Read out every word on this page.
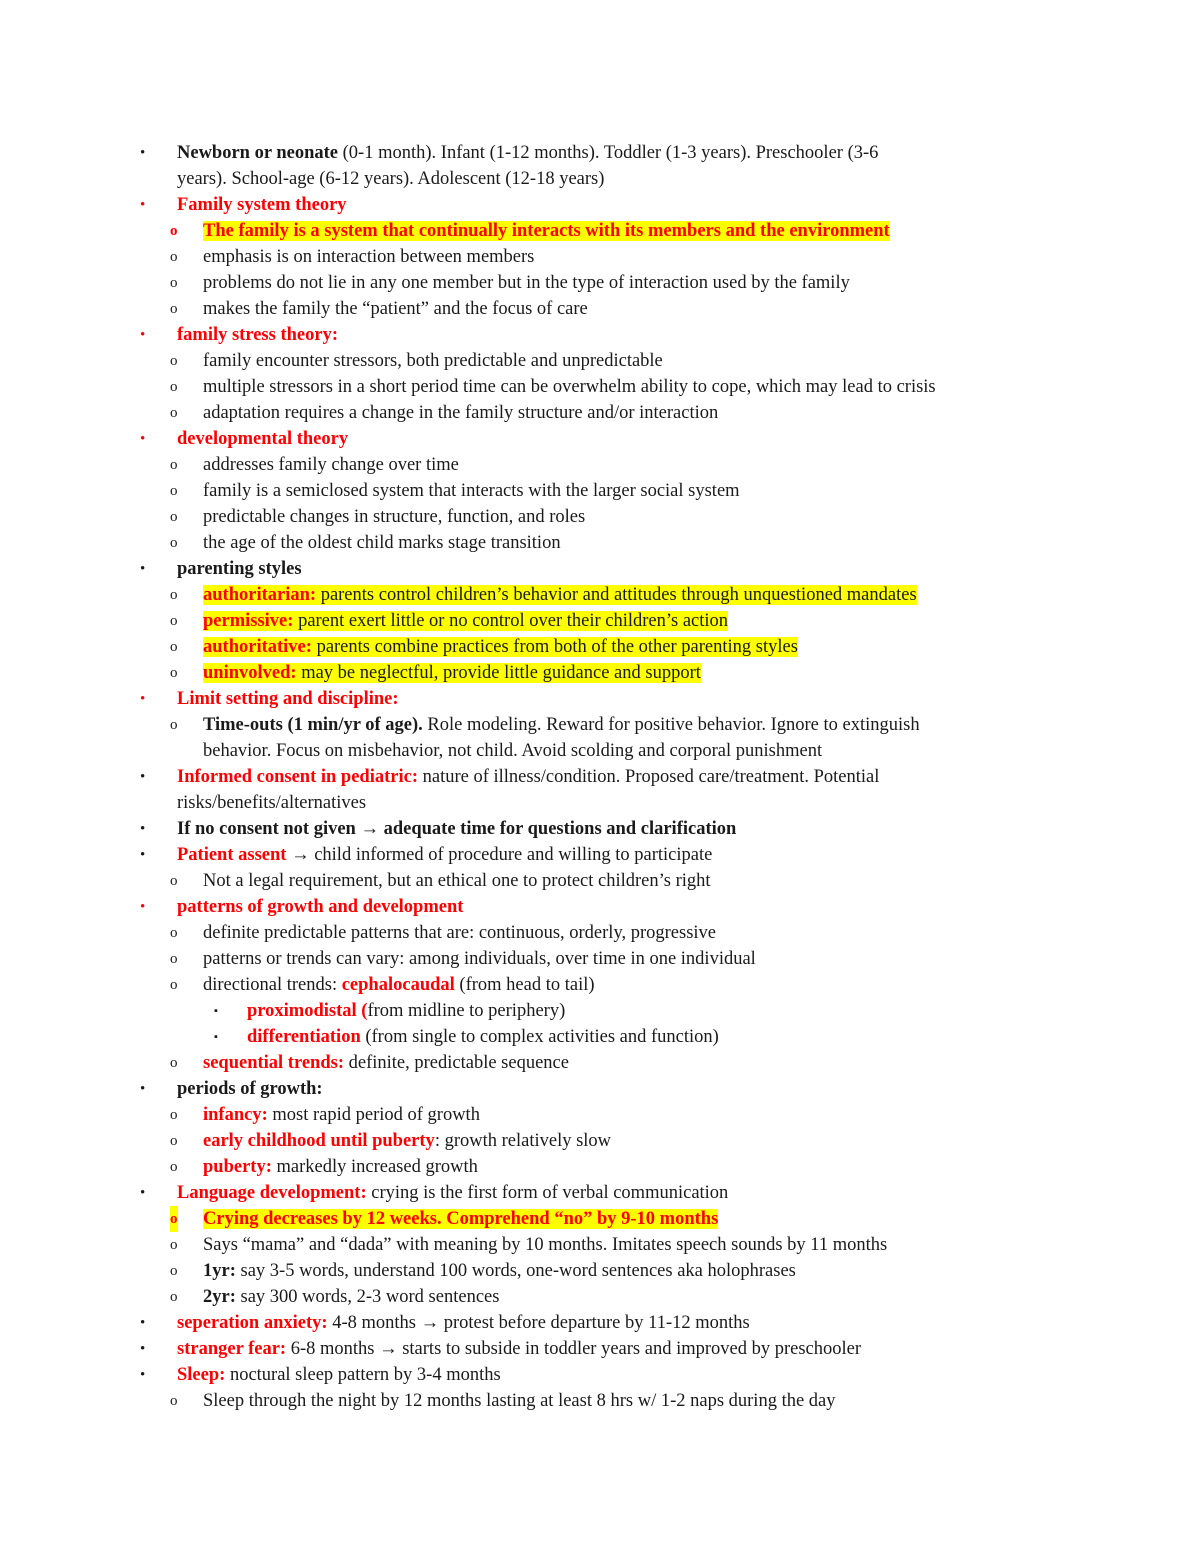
• Newborn or neonate (0-1 month). Infant (1-12 months). Toddler (1-3 years). Preschooler (3-6
years). School-age (6-12 years). Adolescent (12-18 years)
• Family system theory
o The family is a system that continually interacts with its members and the environment
o emphasis is on interaction between members
o problems do not lie in any one member but in the type of interaction used by the family
o makes the family the “patient” and the focus of care
• family stress theory:
o family encounter stressors, both predictable and unpredictable
o multiple stressors in a short period time can be overwhelm ability to cope, which may lead to crisis
o adaptation requires a change in the family structure and/or interaction
• developmental theory
o addresses family change over time
o family is a semiclosed system that interacts with the larger social system
o predictable changes in structure, function, and roles
o the age of the oldest child marks stage transition
• parenting styles
o authoritarian: parents control children’s behavior and attitudes through unquestioned mandates
o permissive: parent exert little or no control over their children’s action
o authoritative: parents combine practices from both of the other parenting styles
o uninvolved: may be neglectful, provide little guidance and support
• Limit setting and discipline:
o Time-outs (1 min/yr of age). Role modeling. Reward for positive behavior. Ignore to extinguish
behavior. Focus on misbehavior, not child. Avoid scolding and corporal punishment
• Informed consent in pediatric: nature of illness/condition. Proposed care/treatment. Potential
risks/benefits/alternatives
• If no consent not given → adequate time for questions and clarification
• Patient assent → child informed of procedure and willing to participate
o Not a legal requirement, but an ethical one to protect children’s right
• patterns of growth and development
o definite predictable patterns that are: continuous, orderly, progressive
o patterns or trends can vary: among individuals, over time in one individual
o directional trends: cephalocaudal (from head to tail)
▪ proximodistal (from midline to periphery)
▪ differentiation (from single to complex activities and function)
o sequential trends: definite, predictable sequence
• periods of growth:
o infancy: most rapid period of growth
o early childhood until puberty: growth relatively slow
o puberty: markedly increased growth
• Language development: crying is the first form of verbal communication
o Crying decreases by 12 weeks. Comprehend “no” by 9-10 months
o Says “mama” and “dada” with meaning by 10 months. Imitates speech sounds by 11 months
o 1yr: say 3-5 words, understand 100 words, one-word sentences aka holophrases
o 2yr: say 300 words, 2-3 word sentences
• seperation anxiety: 4-8 months → protest before departure by 11-12 months
• stranger fear: 6-8 months → starts to subside in toddler years and improved by preschooler
• Sleep: noctural sleep pattern by 3-4 months
o Sleep through the night by 12 months lasting at least 8 hrs w/ 1-2 naps during the day
